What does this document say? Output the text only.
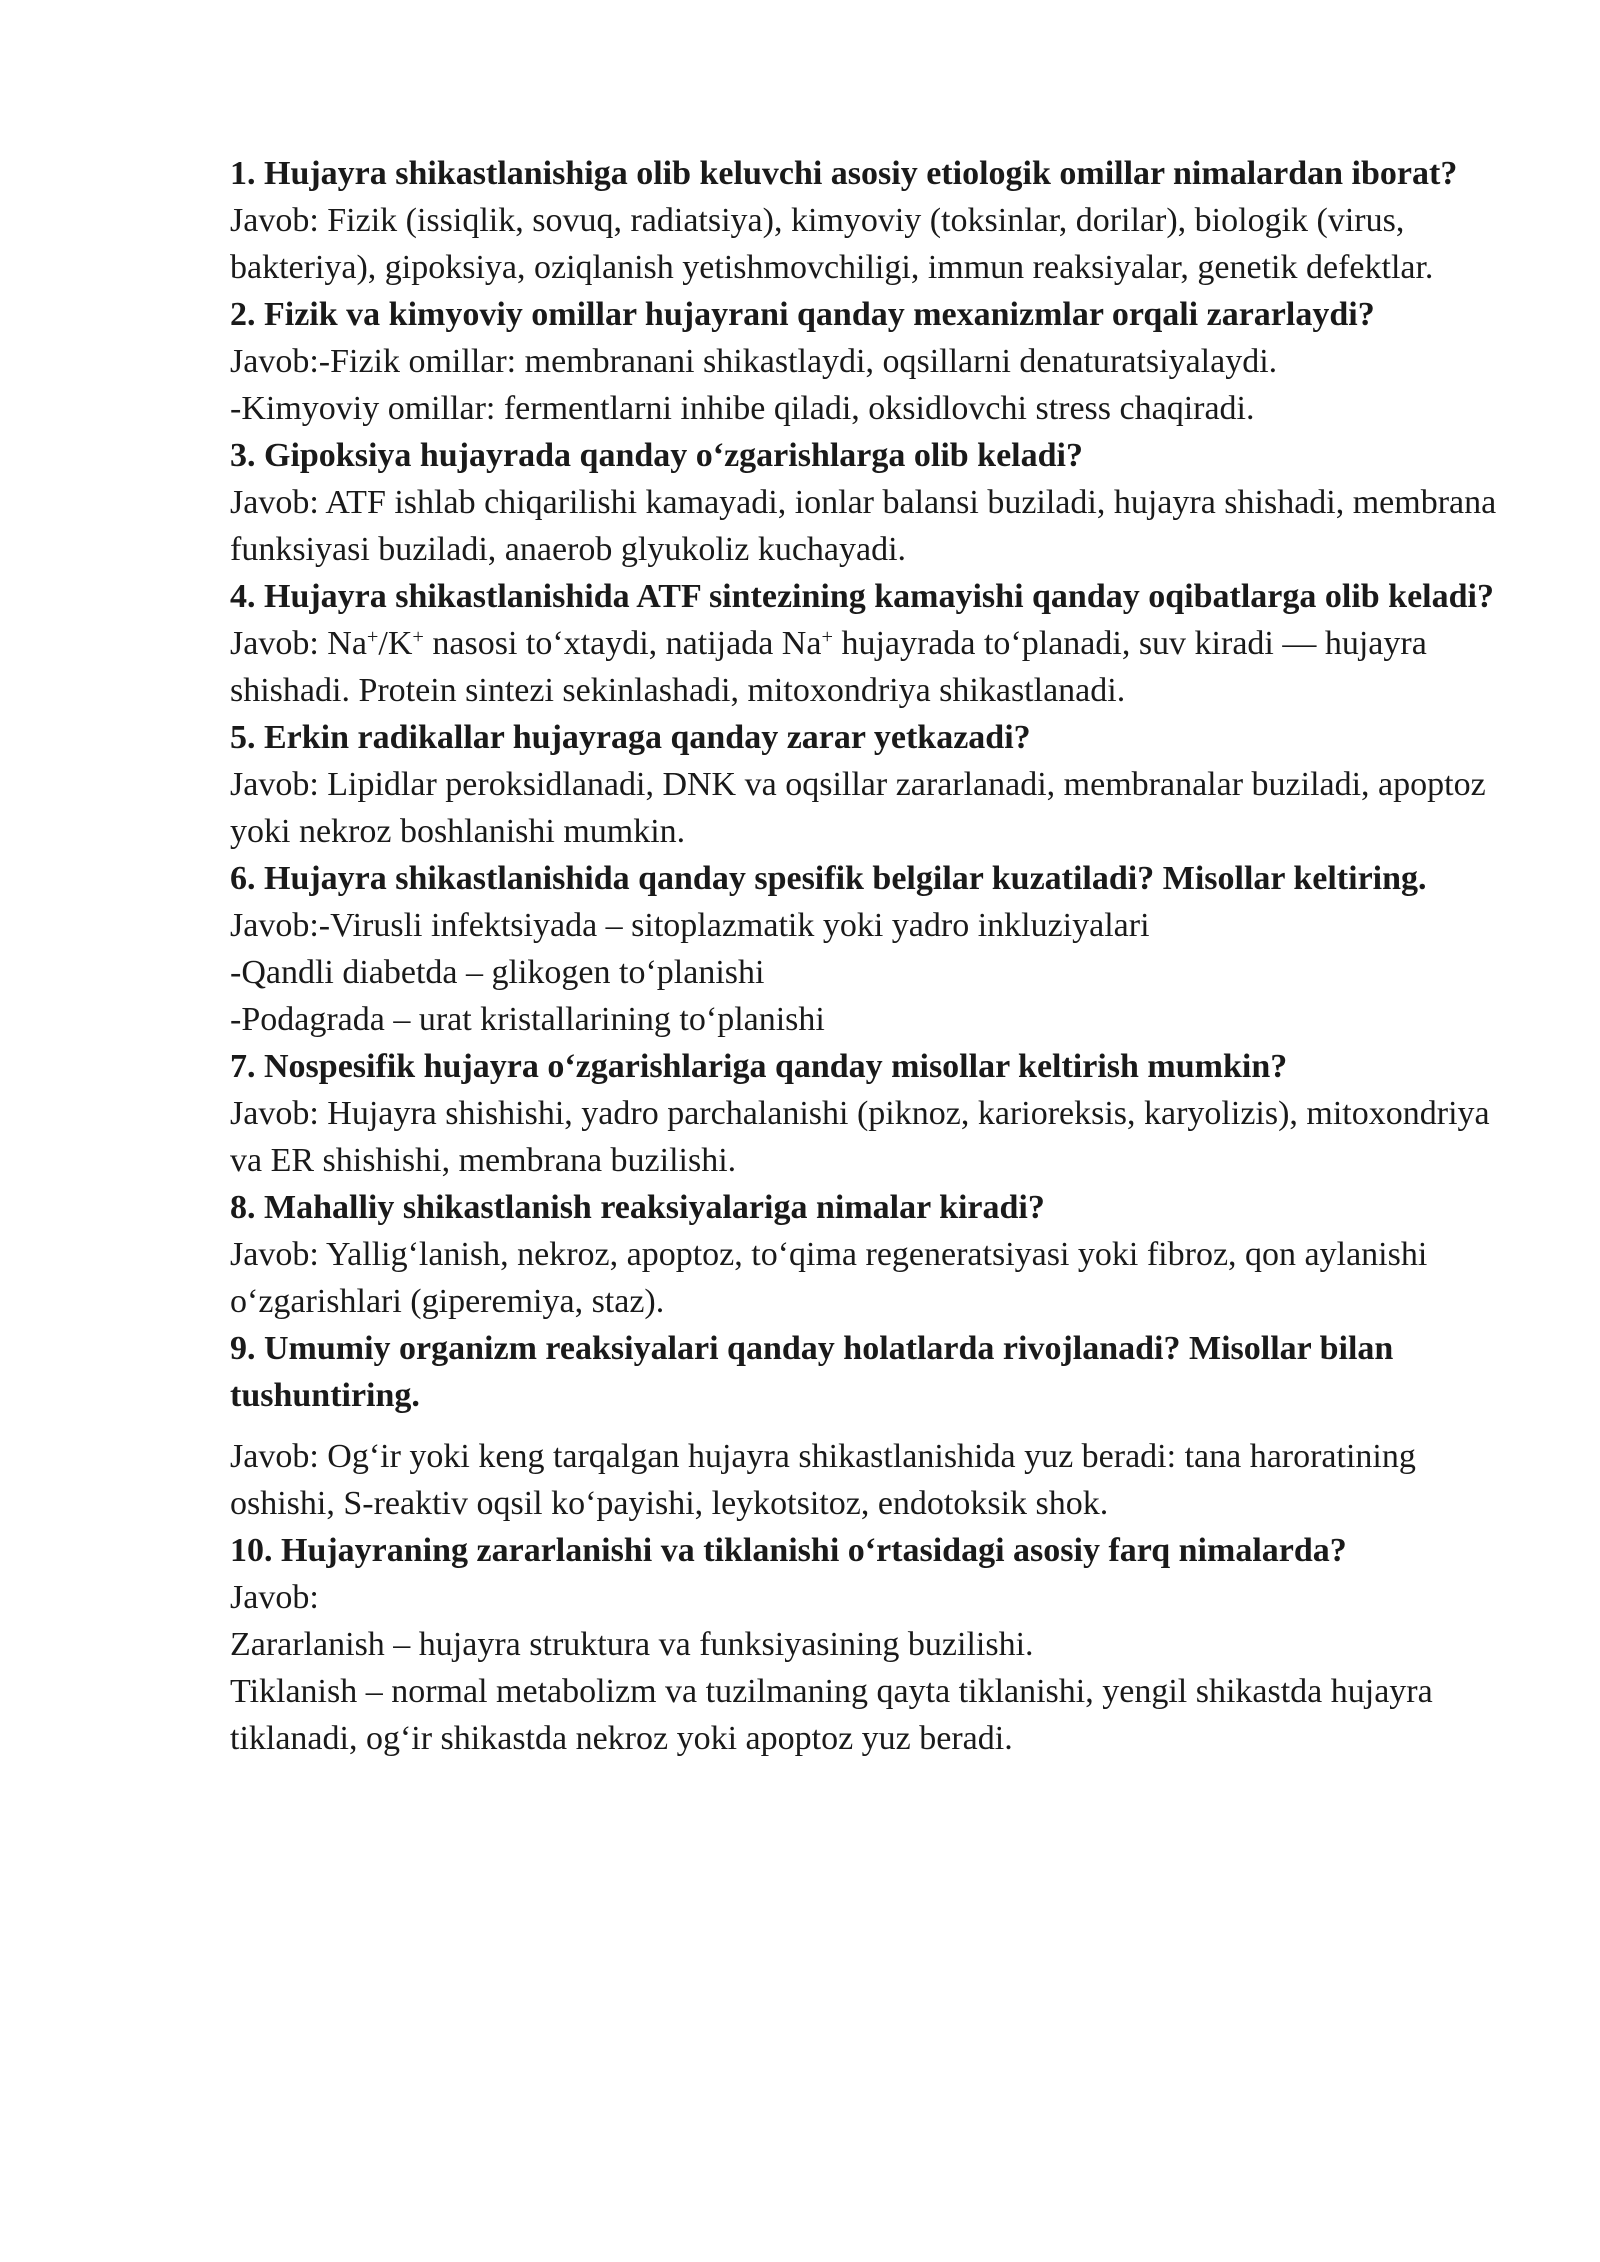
1. Hujayra shikastlanishiga olib keluvchi asosiy etiologik omillar nimalardan iborat?

Javob: Fizik (issiqlik, sovuq, radiatsiya), kimyoviy (toksinlar, dorilar), biologik (virus, bakteriya), gipoksiya, oziqlanish yetishmovchiligi, immun reaksiyalar, genetik defektlar.

2. Fizik va kimyoviy omillar hujayrani qanday mexanizmlar orqali zararlaydi?

Javob:-Fizik omillar: membranani shikastlaydi, oqsillarni denaturatsiyalaydi.
-Kimyoviy omillar: fermentlarni inhibe qiladi, oksidlovchi stress chaqiradi.

3. Gipoksiya hujayrada qanday o‘zgarishlarga olib keladi?

Javob: ATF ishlab chiqarilishi kamayadi, ionlar balansi buziladi, hujayra shishadi, membrana funksiyasi buziladi, anaerob glyukoliz kuchayadi.

4. Hujayra shikastlanishida ATF sintezining kamayishi qanday oqibatlarga olib keladi?

Javob: Na+/K+ nasosi to‘xtaydi, natijada Na+ hujayrada to‘planadi, suv kiradi — hujayra shishadi. Protein sintezi sekinlashadi, mitoxondriya shikastlanadi.

5. Erkin radikallar hujayraga qanday zarar yetkazadi?

Javob: Lipidlar peroksidlanadi, DNK va oqsillar zararlanadi, membranalar buziladi, apoptoz yoki nekroz boshlanishi mumkin.

6. Hujayra shikastlanishida qanday spesifik belgilar kuzatiladi? Misollar keltiring.

Javob:-Virusli infektsiyada – sitoplazmatik yoki yadro inkluziyalari
-Qandli diabetda – glikogen to‘planishi
-Podagrada – urat kristallarining to‘planishi

7. Nospesifik hujayra o‘zgarishlariga qanday misollar keltirish mumkin?

Javob: Hujayra shishishi, yadro parchalanishi (piknoz, karioreksis, karyolizis), mitoxondriya va ER shishishi, membrana buzilishi.

8. Mahalliy shikastlanish reaksiyalariga nimalar kiradi?

Javob: Yallig‘lanish, nekroz, apoptoz, to‘qima regeneratsiyasi yoki fibroz, qon aylanishi o‘zgarishlari (giperemiya, staz).

9. Umumiy organizm reaksiyalari qanday holatlarda rivojlanadi? Misollar bilan tushuntiring.

Javob: Og‘ir yoki keng tarqalgan hujayra shikastlanishida yuz beradi: tana haroratining oshishi, S-reaktiv oqsil ko‘payishi, leykotsitoz, endotoksik shok.

10. Hujayraning zararlanishi va tiklanishi o‘rtasidagi asosiy farq nimalarda?

Javob:
Zararlanish – hujayra struktura va funksiyasining buzilishi.
Tiklanish – normal metabolizm va tuzilmaning qayta tiklanishi, yengil shikastda hujayra tiklanadi, og‘ir shikastda nekroz yoki apoptoz yuz beradi.
